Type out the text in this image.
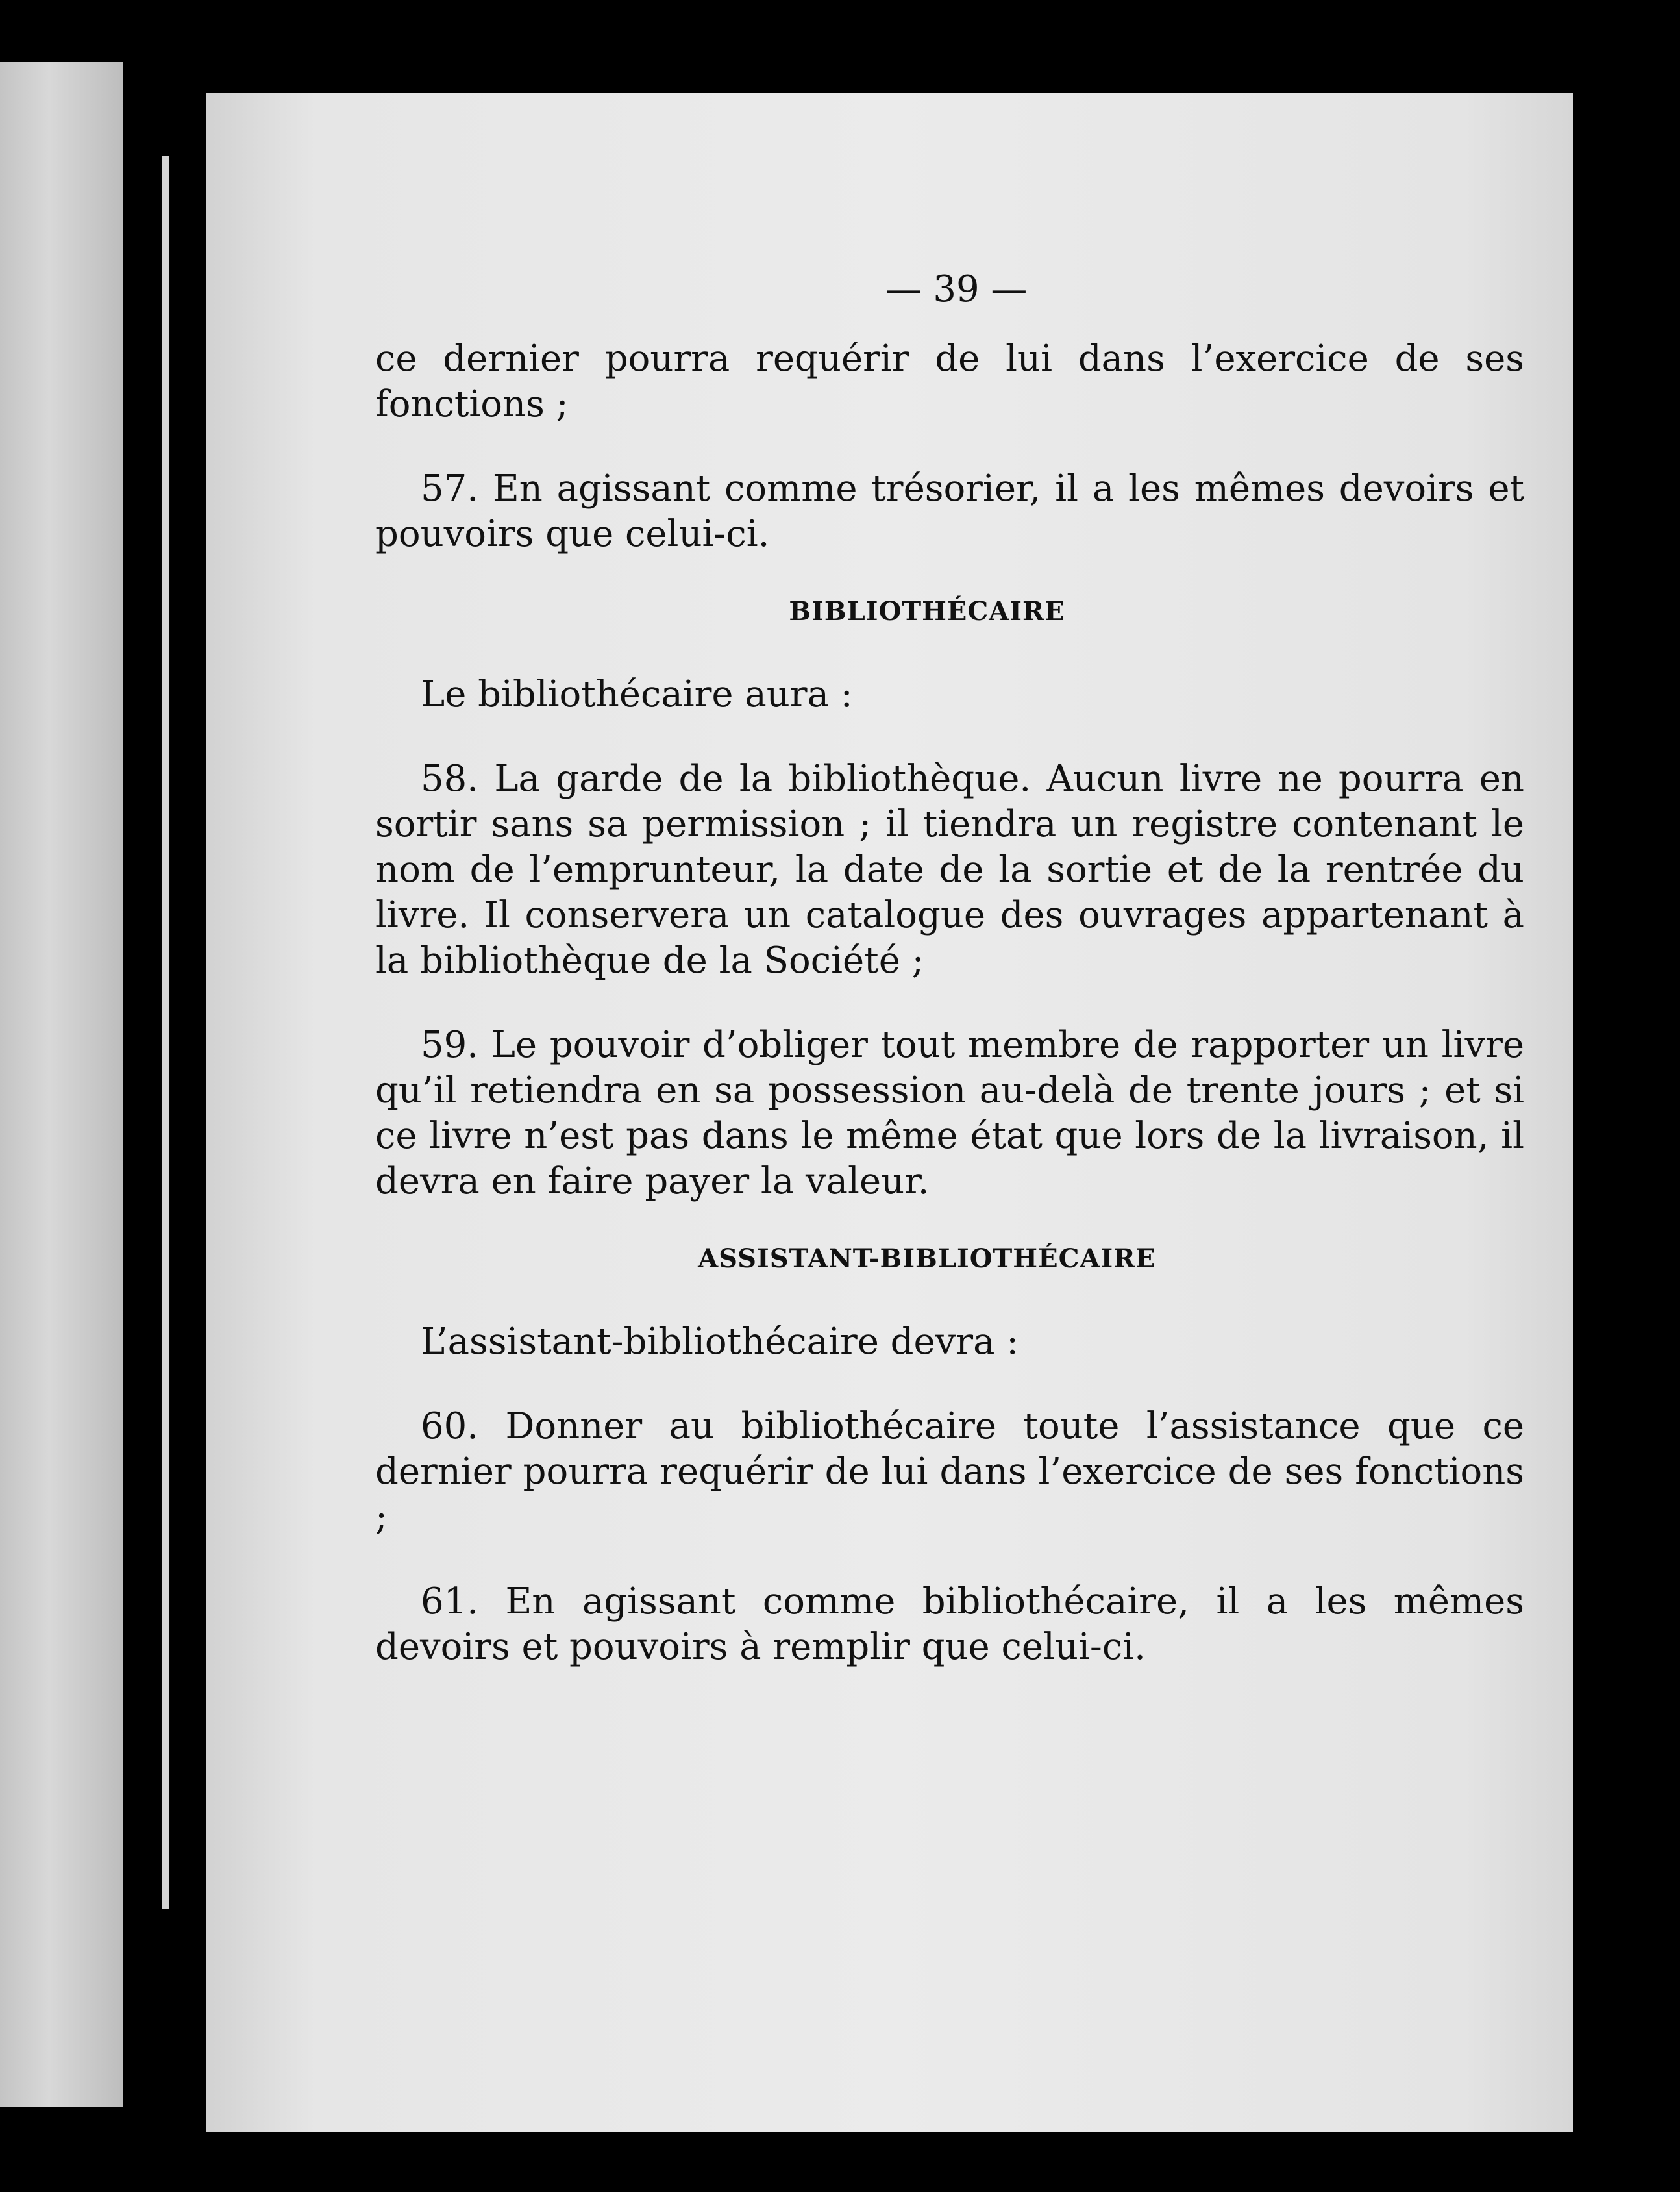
— 39 —

ce dernier pourra requérir de lui dans l’exercice de ses fonctions ;

57. En agissant comme trésorier, il a les mêmes devoirs et pouvoirs que celui-ci.

BIBLIOTHÉCAIRE

Le bibliothécaire aura :

58. La garde de la bibliothèque. Aucun livre ne pourra en sortir sans sa permission ; il tiendra un registre contenant le nom de l’emprunteur, la date de la sortie et de la rentrée du livre. Il conservera un catalogue des ouvrages appartenant à la bibliothèque de la Société ;

59. Le pouvoir d’obliger tout membre de rapporter un livre qu’il retiendra en sa possession au-delà de trente jours ; et si ce livre n’est pas dans le même état que lors de la livraison, il devra en faire payer la valeur.

ASSISTANT-BIBLIOTHÉCAIRE

L’assistant-bibliothécaire devra :

60. Donner au bibliothécaire toute l’assistance que ce dernier pourra requérir de lui dans l’exercice de ses fonctions ;

61. En agissant comme bibliothécaire, il a les mêmes devoirs et pouvoirs à remplir que celui-ci.
